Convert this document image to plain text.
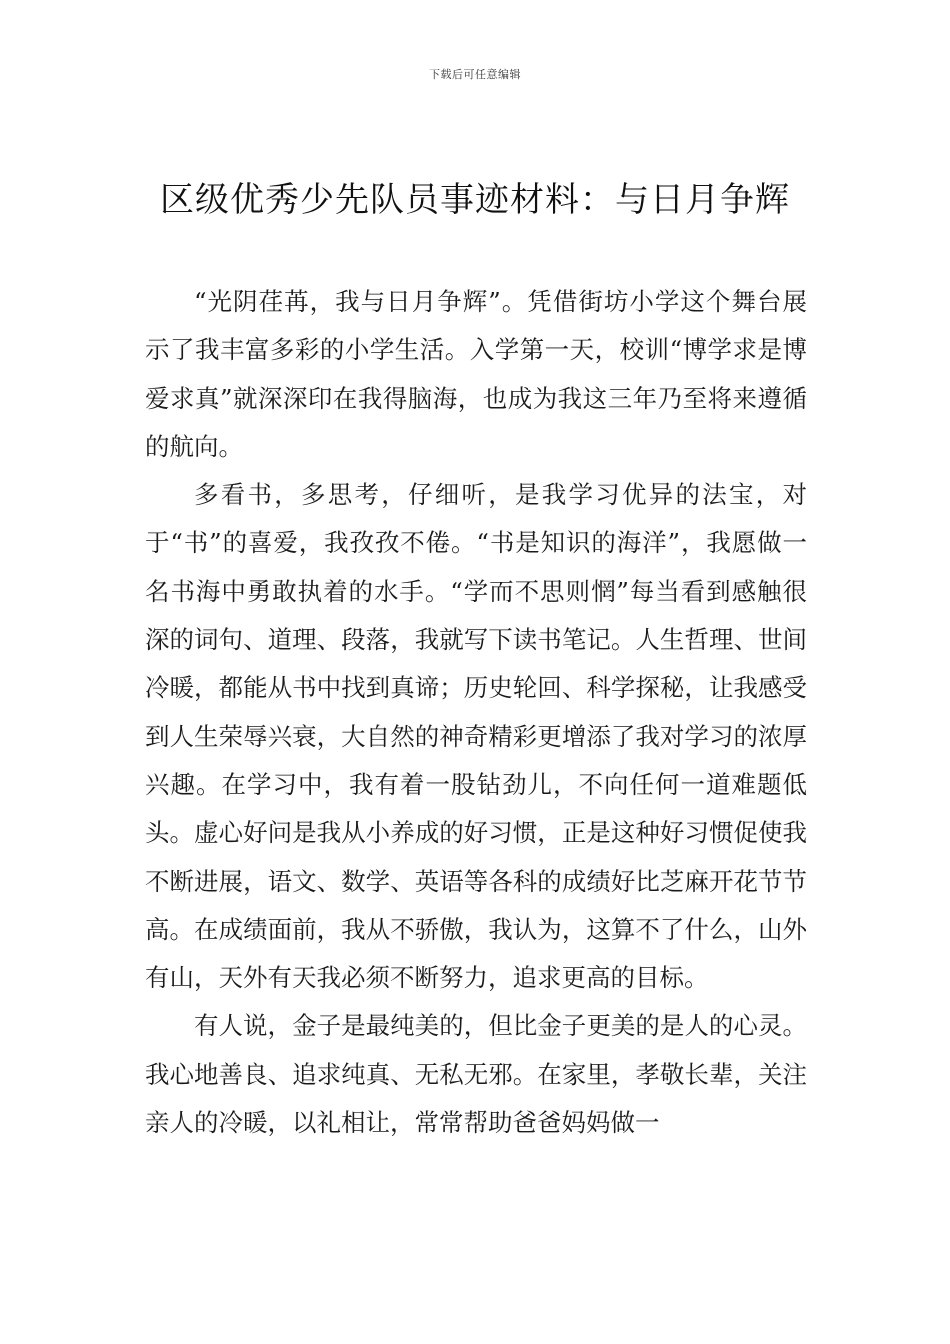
下载后可任意编辑
区级优秀少先队员事迹材料：与日月争辉

“光阴荏苒，我与日月争辉”。凭借街坊小学这个舞台展示了我丰富多彩的小学生活。入学第一天，校训“博学求是博爱求真”就深深印在我得脑海，也成为我这三年乃至将来遵循的航向。

多看书，多思考，仔细听，是我学习优异的法宝，对于“书”的喜爱，我孜孜不倦。“书是知识的海洋”，我愿做一名书海中勇敢执着的水手。“学而不思则惘”每当看到感触很深的词句、道理、段落，我就写下读书笔记。人生哲理、世间冷暖，都能从书中找到真谛；历史轮回、科学探秘，让我感受到人生荣辱兴衰，大自然的神奇精彩更增添了我对学习的浓厚兴趣。在学习中，我有着一股钻劲儿，不向任何一道难题低头。虚心好问是我从小养成的好习惯，正是这种好习惯促使我不断进展，语文、数学、英语等各科的成绩好比芝麻开花节节高。在成绩面前，我从不骄傲，我认为，这算不了什么，山外有山，天外有天我必须不断努力，追求更高的目标。

有人说，金子是最纯美的，但比金子更美的是人的心灵。我心地善良、追求纯真、无私无邪。在家里，孝敬长辈，关注亲人的冷暖，以礼相让，常常帮助爸爸妈妈做一
